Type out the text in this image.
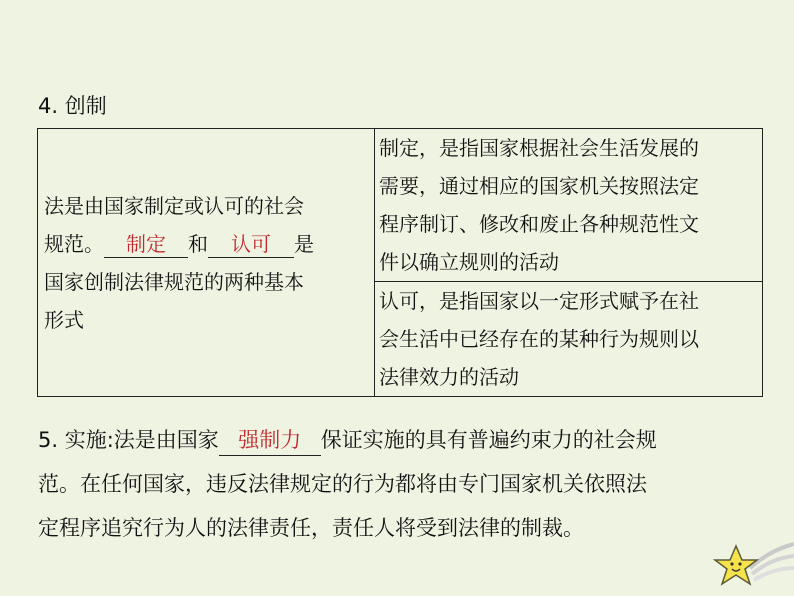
4. 创制
法是由国家制定或认可的社会
规范。 制定 和 认可 是
国家创制法律规范的两种基本
形式

制定，是指国家根据社会生活发展的
需要，通过相应的国家机关按照法定
程序制订、修改和废止各种规范性文
件以确立规则的活动

认可，是指国家以一定形式赋予在社
会生活中已经存在的某种行为规则以
法律效力的活动
5. 实施:法是由国家 强制力 保证实施的具有普遍约束力的社会规
范。在任何国家，违反法律规定的行为都将由专门国家机关依照法
定程序追究行为人的法律责任，责任人将受到法律的制裁。
